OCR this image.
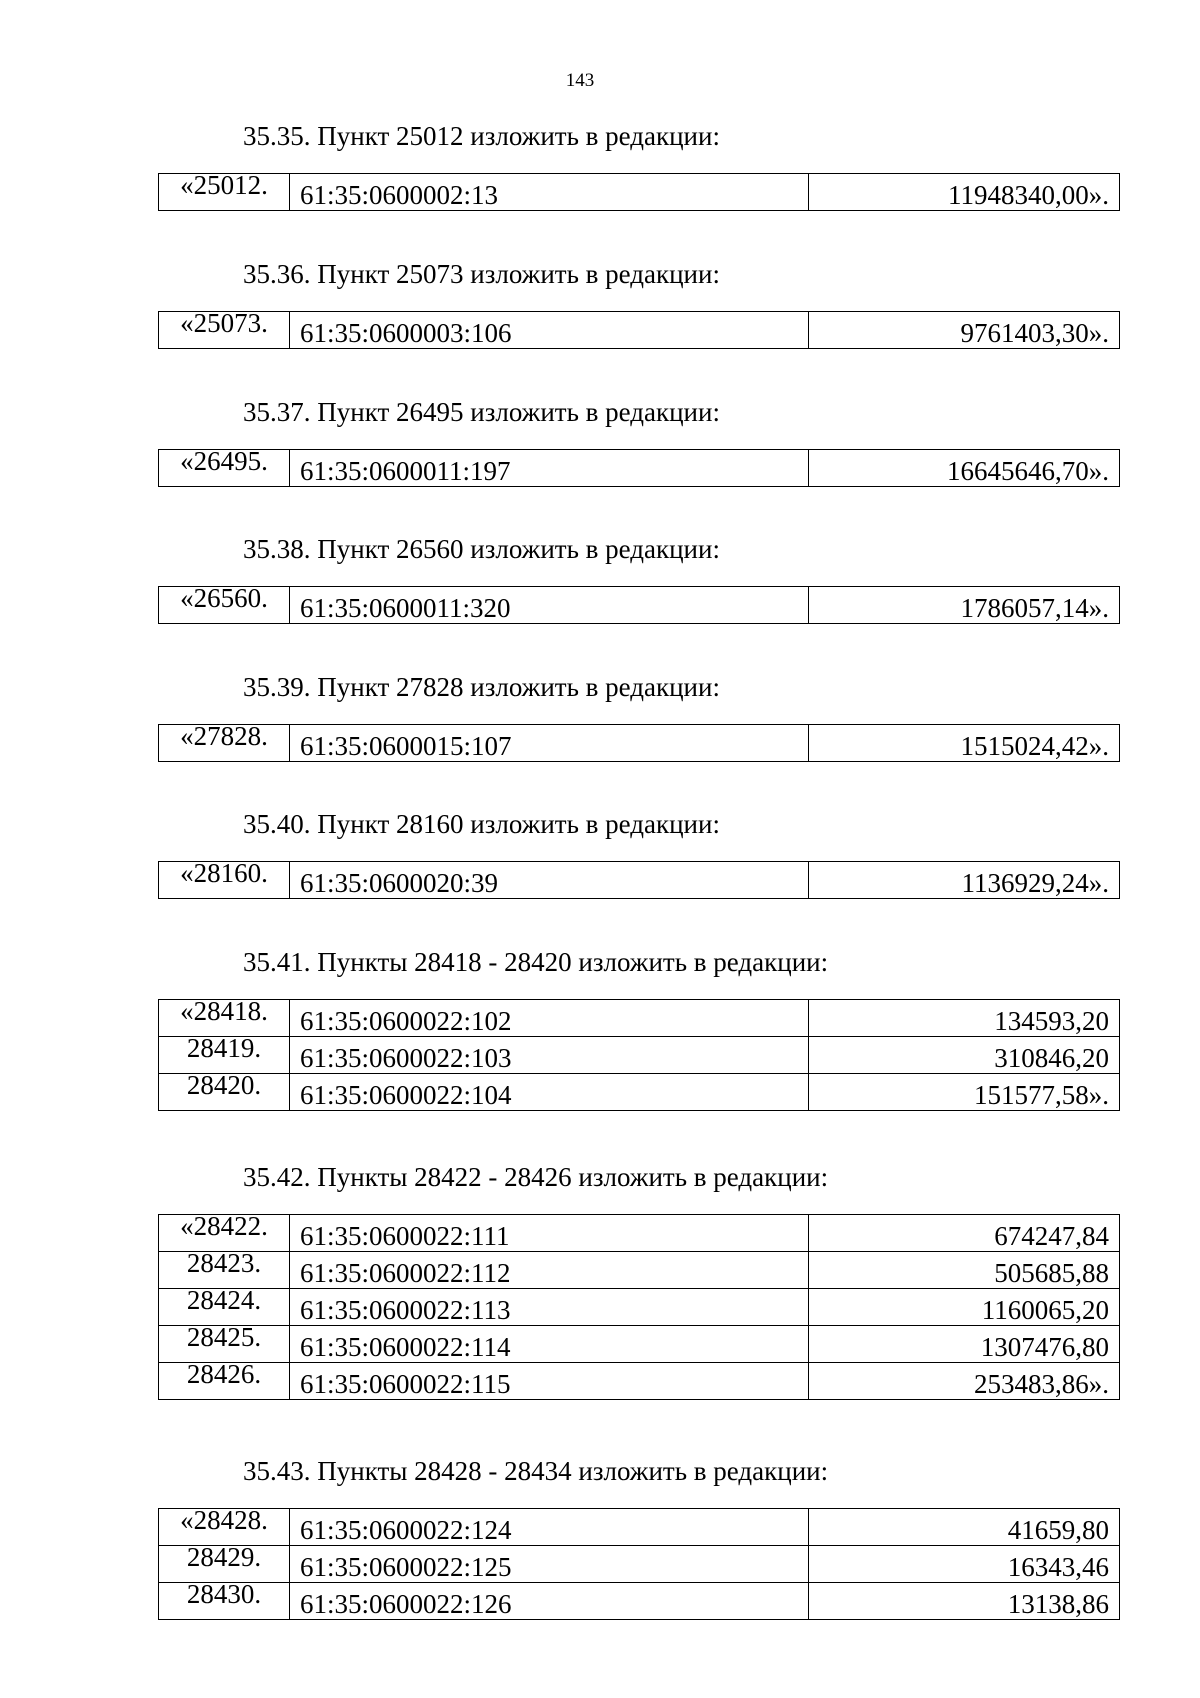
143
35.35. Пункт 25012 изложить в редакции:
«25012.	61:35:0600002:13	11948340,00».
35.36. Пункт 25073 изложить в редакции:
«25073.	61:35:0600003:106	9761403,30».
35.37. Пункт 26495 изложить в редакции:
«26495.	61:35:0600011:197	16645646,70».
35.38. Пункт 26560 изложить в редакции:
«26560.	61:35:0600011:320	1786057,14».
35.39. Пункт 27828 изложить в редакции:
«27828.	61:35:0600015:107	1515024,42».
35.40. Пункт 28160 изложить в редакции:
«28160.	61:35:0600020:39	1136929,24».
35.41. Пункты 28418 - 28420 изложить в редакции:
«28418.	61:35:0600022:102	134593,20
28419.	61:35:0600022:103	310846,20
28420.	61:35:0600022:104	151577,58».
35.42. Пункты 28422 - 28426 изложить в редакции:
«28422.	61:35:0600022:111	674247,84
28423.	61:35:0600022:112	505685,88
28424.	61:35:0600022:113	1160065,20
28425.	61:35:0600022:114	1307476,80
28426.	61:35:0600022:115	253483,86».
35.43. Пункты 28428 - 28434 изложить в редакции:
«28428.	61:35:0600022:124	41659,80
28429.	61:35:0600022:125	16343,46
28430.	61:35:0600022:126	13138,86
